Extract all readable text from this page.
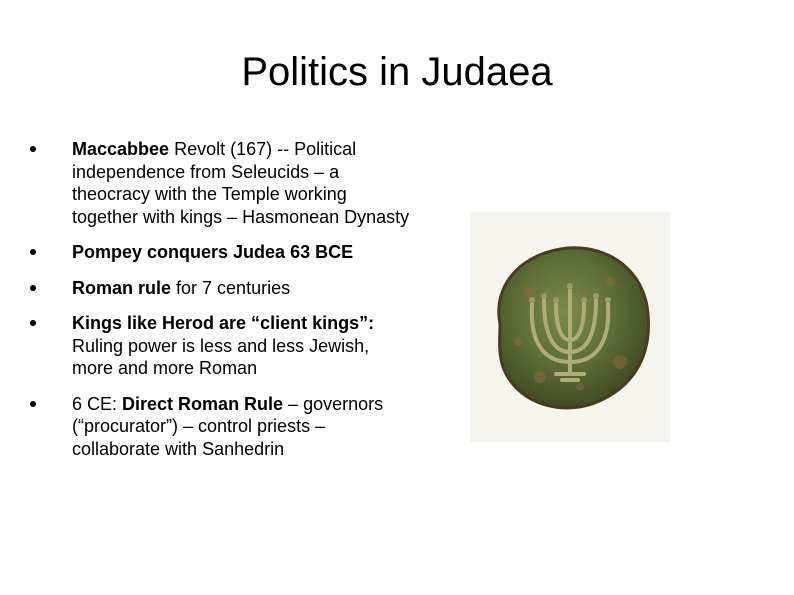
Politics in Judaea
Maccabbee Revolt (167) -- Political independence from Seleucids – a theocracy with the Temple working together with kings – Hasmonean Dynasty
Pompey conquers Judea 63 BCE
Roman rule for 7 centuries
Kings like Herod are “client kings”: Ruling power is less and less Jewish, more and more Roman
6 CE: Direct Roman Rule – governors (“procurator”) – control priests – collaborate with Sanhedrin
